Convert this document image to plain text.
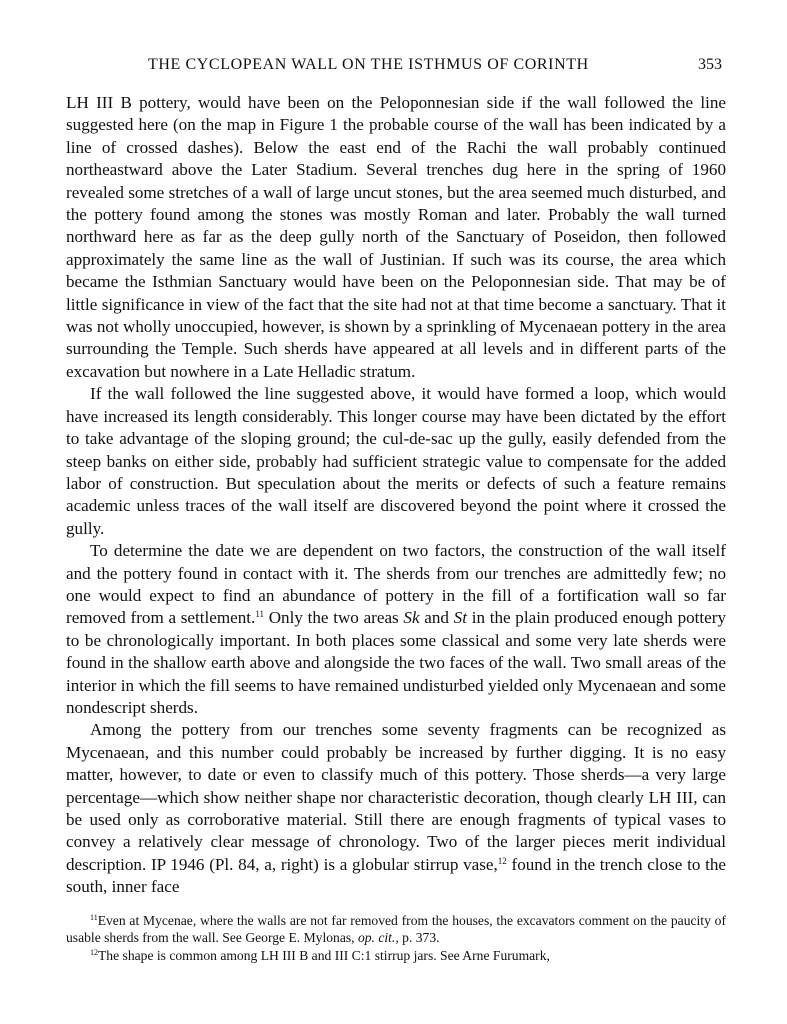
THE CYCLOPEAN WALL ON THE ISTHMUS OF CORINTH	353

LH III B pottery, would have been on the Peloponnesian side if the wall followed the line suggested here (on the map in Figure 1 the probable course of the wall has been indicated by a line of crossed dashes). Below the east end of the Rachi the wall probably continued northeastward above the Later Stadium. Several trenches dug here in the spring of 1960 revealed some stretches of a wall of large uncut stones, but the area seemed much disturbed, and the pottery found among the stones was mostly Roman and later. Probably the wall turned northward here as far as the deep gully north of the Sanctuary of Poseidon, then followed approximately the same line as the wall of Justinian. If such was its course, the area which became the Isthmian Sanctuary would have been on the Peloponnesian side. That may be of little significance in view of the fact that the site had not at that time become a sanctuary. That it was not wholly unoccupied, however, is shown by a sprinkling of Mycenaean pottery in the area surrounding the Temple. Such sherds have appeared at all levels and in different parts of the excavation but nowhere in a Late Helladic stratum.

If the wall followed the line suggested above, it would have formed a loop, which would have increased its length considerably. This longer course may have been dictated by the effort to take advantage of the sloping ground; the cul-de-sac up the gully, easily defended from the steep banks on either side, probably had sufficient strategic value to compensate for the added labor of construction. But speculation about the merits or defects of such a feature remains academic unless traces of the wall itself are discovered beyond the point where it crossed the gully.

To determine the date we are dependent on two factors, the construction of the wall itself and the pottery found in contact with it. The sherds from our trenches are admittedly few; no one would expect to find an abundance of pottery in the fill of a fortification wall so far removed from a settlement.$^{11}$ Only the two areas Sk and St in the plain produced enough pottery to be chronologically important. In both places some classical and some very late sherds were found in the shallow earth above and alongside the two faces of the wall. Two small areas of the interior in which the fill seems to have remained undisturbed yielded only Mycenaean and some nondescript sherds.

Among the pottery from our trenches some seventy fragments can be recognized as Mycenaean, and this number could probably be increased by further digging. It is no easy matter, however, to date or even to classify much of this pottery. Those sherds—a very large percentage—which show neither shape nor characteristic decoration, though clearly LH III, can be used only as corroborative material. Still there are enough fragments of typical vases to convey a relatively clear message of chronology. Two of the larger pieces merit individual description. IP 1946 (Pl. 84, a, right) is a globular stirrup vase,$^{12}$ found in the trench close to the south, inner face

$^{11}$Even at Mycenae, where the walls are not far removed from the houses, the excavators comment on the paucity of usable sherds from the wall. See George E. Mylonas, op. cit., p. 373.

$^{12}$The shape is common among LH III B and III C:1 stirrup jars. See Arne Furumark,
